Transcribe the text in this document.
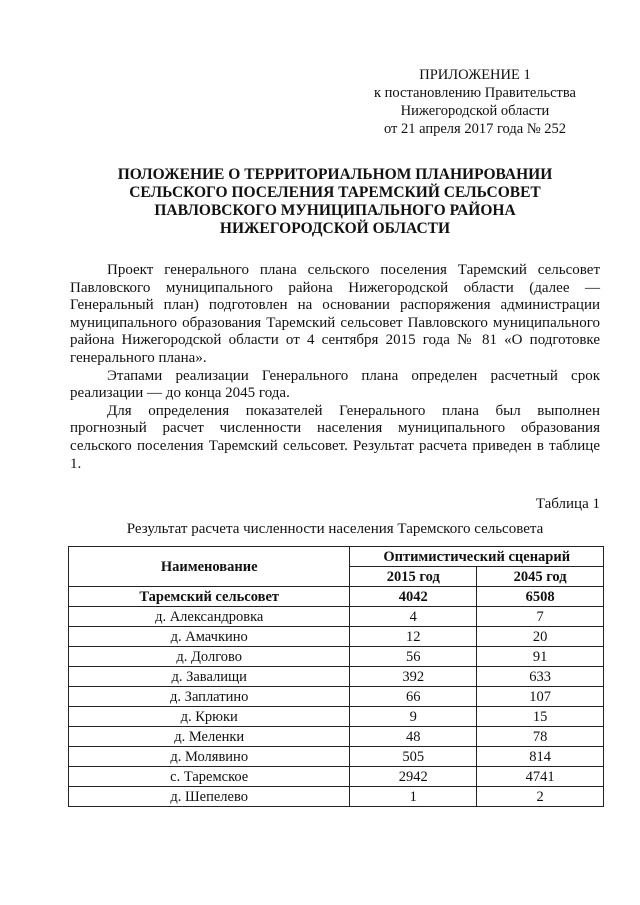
ПРИЛОЖЕНИЕ 1
к постановлению Правительства
Нижегородской области
от 21 апреля 2017 года № 252
ПОЛОЖЕНИЕ О ТЕРРИТОРИАЛЬНОМ ПЛАНИРОВАНИИ
СЕЛЬСКОГО ПОСЕЛЕНИЯ ТАРЕМСКИЙ СЕЛЬСОВЕТ
ПАВЛОВСКОГО МУНИЦИПАЛЬНОГО РАЙОНА
НИЖЕГОРОДСКОЙ ОБЛАСТИ

Проект генерального плана сельского поселения Таремский сельсовет Павловского муниципального района Нижегородской области (далее — Генеральный план) подготовлен на основании распоряжения администрации муниципального образования Таремский сельсовет Павловского муниципального района Нижегородской области от 4 сентября 2015 года № 81 «О подготовке генерального плана».

Этапами реализации Генерального плана определен расчетный срок реализации — до конца 2045 года.

Для определения показателей Генерального плана был выполнен прогнозный расчет численности населения муниципального образования сельского поселения Таремский сельсовет. Результат расчета приведен в таблице 1.

Таблица 1
Результат расчета численности населения Таремского сельсовета
Наименование	Оптимистический сценарий	
	2015 год	2045 год
Таремский сельсовет	4042	6508
д. Александровка	4	7
д. Амачкино	12	20
д. Долгово	56	91
д. Завалищи	392	633
д. Заплатино	66	107
д. Крюки	9	15
д. Меленки	48	78
д. Молявино	505	814
с. Таремское	2942	4741
д. Шепелево	1	2
